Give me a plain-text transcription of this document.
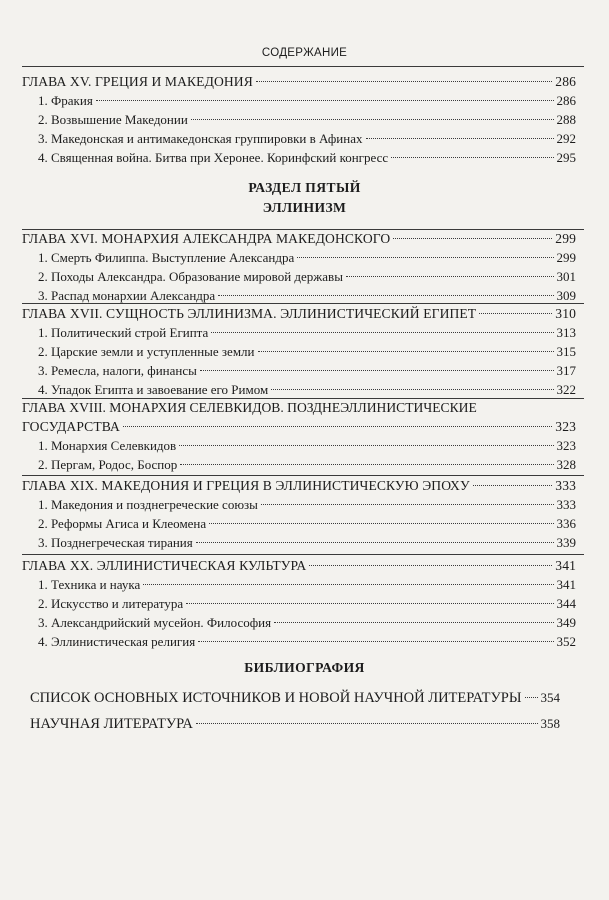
СОДЕРЖАНИЕ
ГЛАВА XV. ГРЕЦИЯ И МАКЕДОНИЯ	286
1. Фракия	286
2. Возвышение Македонии	288
3. Македонская и антимакедонская группировки в Афинах	292
4. Священная война. Битва при Херонее. Коринфский конгресс	295
РАЗДЕЛ ПЯТЫЙ
ЭЛЛИНИЗМ
ГЛАВА XVI. МОНАРХИЯ АЛЕКСАНДРА МАКЕДОНСКОГО	299
1. Смерть Филиппа. Выступление Александра	299
2. Походы Александра. Образование мировой державы	301
3. Распад монархии Александра	309
ГЛАВА XVII. СУЩНОСТЬ ЭЛЛИНИЗМА. ЭЛЛИНИСТИЧЕСКИЙ ЕГИПЕТ	310
1. Политический строй Египта	313
2. Царские земли и уступленные земли	315
3. Ремесла, налоги, финансы	317
4. Упадок Египта и завоевание его Римом	322
ГЛАВА XVIII. МОНАРХИЯ СЕЛЕВКИДОВ. ПОЗДНЕЭЛЛИНИСТИЧЕСКИЕ
ГОСУДАРСТВА	323
1. Монархия Селевкидов	323
2. Пергам, Родос, Боспор	328
ГЛАВА XIX. МАКЕДОНИЯ И ГРЕЦИЯ В ЭЛЛИНИСТИЧЕСКУЮ ЭПОХУ	333
1. Македония и позднегреческие союзы	333
2. Реформы Агиса и Клеомена	336
3. Позднегреческая тирания	339
ГЛАВА XX. ЭЛЛИНИСТИЧЕСКАЯ КУЛЬТУРА	341
1. Техника и наука	341
2. Искусство и литература	344
3. Александрийский мусейон. Философия	349
4. Эллинистическая религия	352
БИБЛИОГРАФИЯ
СПИСОК ОСНОВНЫХ ИСТОЧНИКОВ И НОВОЙ НАУЧНОЙ ЛИТЕРАТУРЫ 354
НАУЧНАЯ ЛИТЕРАТУРА	358
